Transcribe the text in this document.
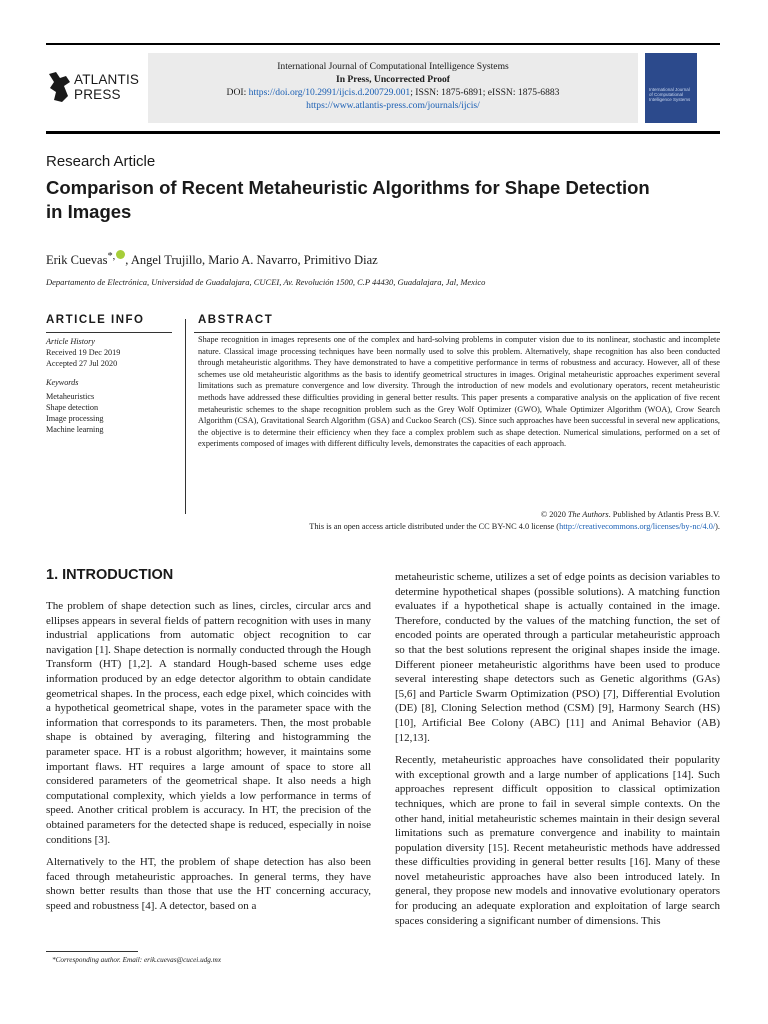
ATLANTIS
PRESS
International Journal of Computational Intelligence Systems
In Press, Uncorrected Proof
DOI: https://doi.org/10.2991/ijcis.d.200729.001; ISSN: 1875-6891; eISSN: 1875-6883
https://www.atlantis-press.com/journals/ijcis/
International Journal of Computational Intelligence Systems
Research Article
Comparison of Recent Metaheuristic Algorithms for Shape Detection in Images
Erik Cuevas*, , Angel Trujillo, Mario A. Navarro, Primitivo Diaz
Departamento de Electrónica, Universidad de Guadalajara, CUCEI, Av. Revolución 1500, C.P 44430, Guadalajara, Jal, Mexico
ARTICLE INFO
Article History
Received 19 Dec 2019
Accepted 27 Jul 2020
Keywords
Metaheuristics
Shape detection
Image processing
Machine learning
ABSTRACT
Shape recognition in images represents one of the complex and hard-solving problems in computer vision due to its nonlinear, stochastic and incomplete nature. Classical image processing techniques have been normally used to solve this problem. Alternatively, shape recognition has also been conducted through metaheuristic algorithms. They have demonstrated to have a competitive performance in terms of robustness and accuracy. However, all of these schemes use old metaheuristic algorithms as the basis to identify geometrical structures in images. Original metaheuristic approaches experiment several limitations such as premature convergence and low diversity. Through the introduction of new models and evolutionary operators, recent metaheuristic methods have addressed these difficulties providing in general better results. This paper presents a comparative analysis on the application of five recent metaheuristic schemes to the shape recognition problem such as the Grey Wolf Optimizer (GWO), Whale Optimizer Algorithm (WOA), Crow Search Algorithm (CSA), Gravitational Search Algorithm (GSA) and Cuckoo Search (CS). Since such approaches have been successful in several new applications, the objective is to determine their efficiency when they face a complex problem such as shape detection. Numerical simulations, performed on a set of experiments composed of images with different difficulty levels, demonstrates the capacities of each approach.
© 2020 The Authors. Published by Atlantis Press B.V.
This is an open access article distributed under the CC BY-NC 4.0 license (http://creativecommons.org/licenses/by-nc/4.0/).
1. INTRODUCTION

The problem of shape detection such as lines, circles, circular arcs and ellipses appears in several fields of pattern recognition with uses in many industrial applications from automatic object recognition to car navigation [1]. Shape detection is normally conducted through the Hough Transform (HT) [1,2]. A standard Hough-based scheme uses edge information produced by an edge detector algorithm to obtain candidate geometrical shapes. In the process, each edge pixel, which coincides with a hypothetical geometrical shape, votes in the parameter space with the information that corresponds to its parameters. Then, the most probable shape is obtained by averaging, filtering and histogramming the parameter space. HT is a robust algorithm; however, it maintains some important flaws. HT requires a large amount of space to store all considered parameters of the geometrical shape. It also needs a high computational complexity, which yields a low performance in terms of speed. Another critical problem is accuracy. In HT, the precision of the obtained parameters for the detected shape is reduced, especially in noise conditions [3].

Alternatively to the HT, the problem of shape detection has also been faced through metaheuristic approaches. In general terms, they have shown better results than those that use the HT concerning accuracy, speed and robustness [4]. A detector, based on a

metaheuristic scheme, utilizes a set of edge points as decision variables to determine hypothetical shapes (possible solutions). A matching function evaluates if a hypothetical shape is actually contained in the image. Therefore, conducted by the values of the matching function, the set of encoded points are operated through a particular metaheuristic approach so that the best solutions represent the original shapes inside the image. Different pioneer metaheuristic algorithms have been used to produce several interesting shape detectors such as Genetic algorithms (GAs) [5,6] and Particle Swarm Optimization (PSO) [7], Differential Evolution (DE) [8], Cloning Selection method (CSM) [9], Harmony Search (HS) [10], Artificial Bee Colony (ABC) [11] and Animal Behavior (AB) [12,13].

Recently, metaheuristic approaches have consolidated their popularity with exceptional growth and a large number of applications [14]. Such approaches represent difficult opposition to classical optimization techniques, which are prone to fail in several simple contexts. On the other hand, initial metaheuristic schemes maintain in their design several limitations such as premature convergence and inability to maintain population diversity [15]. Recent metaheuristic methods have addressed these difficulties providing in general better results [16]. Many of these novel metaheuristic approaches have also been introduced lately. In general, they propose new models and innovative evolutionary operators for producing an adequate exploration and exploitation of large search spaces considering a significant number of dimensions. This

*Corresponding author. Email: erik.cuevas@cucei.udg.mx
